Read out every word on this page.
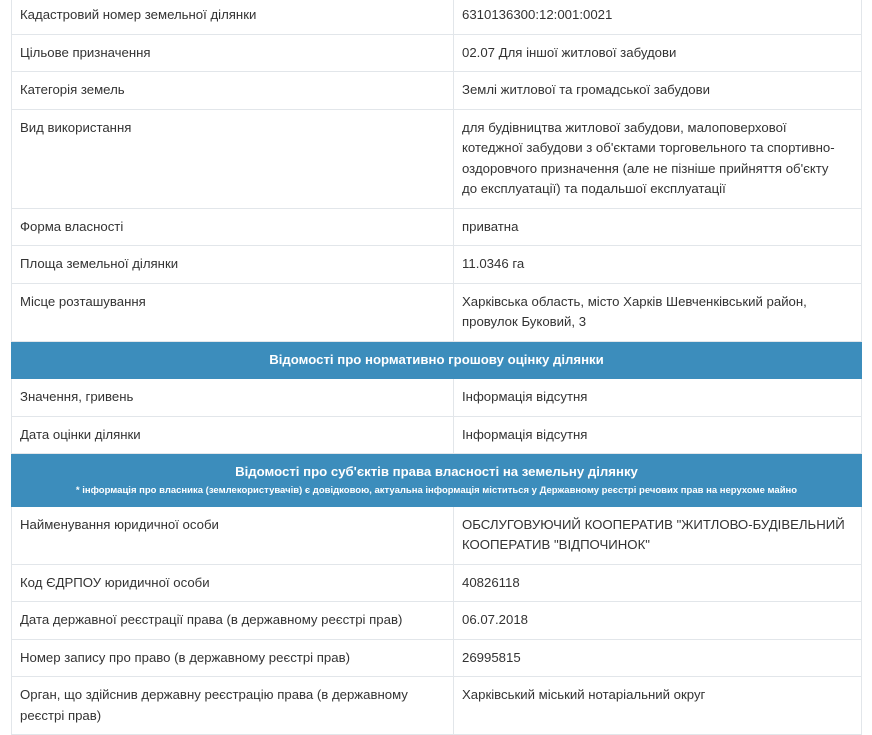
Кадастровий номер земельної ділянки	6310136300:12:001:0021
Цільове призначення	02.07 Для іншої житлової забудови
Категорія земель	Землі житлової та громадської забудови
Вид використання	для будівництва житлової забудови, малоповерхової котеджної забудови з об'єктами торговельного та спортивно-оздоровчого призначення (але не пізніше прийняття об'єкту до експлуатації) та подальшої експлуатації
Форма власності	приватна
Площа земельної ділянки	11.0346 га
Місце розташування	Харківська область, місто Харків Шевченківський район, провулок Буковий, 3
Відомості про нормативно грошову оцінку ділянки	
Значення, гривень	Інформація відсутня
Дата оцінки ділянки	Інформація відсутня
Відомості про суб'єктів права власності на земельну ділянку
* інформація про власника (землекористувачів) є довідковою, актуальна інформація міститься у Державному реєстрі речових прав на нерухоме майно	

Найменування юридичної особи	ОБСЛУГОВУЮЧИЙ КООПЕРАТИВ "ЖИТЛОВО-БУДІВЕЛЬНИЙ КООПЕРАТИВ "ВІДПОЧИНОК"
Код ЄДРПОУ юридичної особи	40826118
Дата державної реєстрації права (в державному реєстрі прав)	06.07.2018
Номер запису про право (в державному реєстрі прав)	26995815
Орган, що здійснив державну реєстрацію права (в державному реєстрі прав)	Харківський міський нотаріальний округ
